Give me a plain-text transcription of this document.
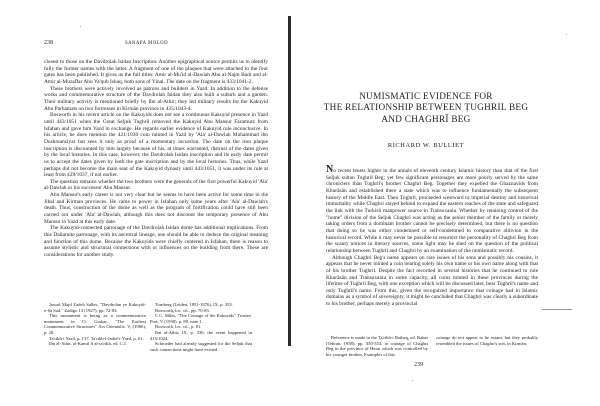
238	SARAFA MOLOD

closest to those on the Davdrolah Isidan Inscription. Another epigraphical source permits us to identify fully the former names with the latter. A fragment of one of the plaques that were attached to the four gates has been published. It gives us the full titles: Amir al-Mu'id al-Dawlah Abu al-Najm Badr and al-Amir al-Muzaffar Abu Ya'qub Ishaq, both sons of Yinal. The date on the fragment is 433/1041-2.

These brothers were actively involved as patrons and builders in Yazd. In addition to the defense works and commemorative structure of the Davdrolah Isidan they also built a suburb and a garden. Their military activity is mentioned briefly by Ibn al-Athir; they led military results for the Kakuyid Abu Parhamats on two fortresses in Kirmân province in 435/1043-4.

Bosworth in his recent article on the Kakuyids does not see a continuous Kakuyid presence in Yazd until 443/1051 when the Great Seljuk Tughril removed the Kakuyid Abu Mansur Faramurz from Isfahan and gave him Yazd in exchange. He regards earlier evidence of Kakuyid rule inconclusive. In his article, he does mention the 421/1030 coin minted in Yazd by 'Ala' al-Dawlah Muhammad ibn Dushmanziyar but sees it only as proof of a momentary incursion. The date on the iron plaque inscription is discounted by him largely because of his, at times warranted, distrust of the dates given by the local histories. In this case, however, the Davdrolah Isidan inscription and its early date permit us to accept the dates given by both the gate inscription and by the local histories. Thus, while Yazd perhaps did not become the main seat of the Kakuyid dynasty until 443/1051, it was under its rule at least from 429/1037, if not earlier.

The question remains whether the two brothers were the generals of the first powerful Kakuyid 'Ala' al-Dawlah or his successor Abu Mansur.

Abu Mansur's early career is not very clear but he seems to have been active for some time in the Jibal and Kirman provinces. He came to power in Isfahan only some years after 'Ala' al-Dawlah's death. Thus, construction of the dome as well as the program of fortification could have still been carried out under 'Ala' al-Dawlah, although this does not discount the temporary presence of Abu Mansur in Yazd at this early date.

The Kakuyid-connected patronage of the Davdrolah Isidan dome has additional implications. From this Dailamite patronage, with its ancestral lineage, one should be able to deduce the original meaning and function of this dome. Because the Kakuyids were chiefly centered in Isfahan, there is reason to assume stylistic and structural connections with or influences on the building from there. These are considerations for another study.

Jawad Majd Zadeh Salles, "Davdrolan ye Kakuyid-e-Sa Sad," Zadigo 13 (1927), pp. 72-83.

This monument is being as a commemorative monument in O. Grabar, "The Earliest Commemorative Structures" Ars Orientalis, V, (1966), p. 28.

Ta'rikh-i Yazd, p. 137. Ta'rikh-i-Jadid-i-Yazd, p. 61.

Ibn al-Athir, al-Kamil fi al-ta'rikh, ed. C.J.

Tornberg (Leiden, 1851-1876), IX, p. 355.

Bosworth, loc. cit., pp. 70-83.

C.C. Miles, "The Coinage of the Kakuyids" Trustee, Port, V (1938), p. 89, note 1.

Bosworth, loc. cit., p. 81.

Ibn al-Athir, IX, p. 330; the event happened in 415/1024.

Schroeder had already suggested for the Seljuk that such connections might have existed.

NUMISMATIC EVIDENCE FOR
THE RELATIONSHIP BETWEEN ṬUGHRIL BEG
AND CHAGHRĪ BEG
RICHARD W. BULLIET

No recent tenets higher in the annals of eleventh century Islamic history than that of the first Seljuk sultan Tughril Beg; yet few significant personages are more poorly served by the same chroniclers than Tughril's brother Chaghri Beg. Together they expelled the Ghaznavids from Khurâsân and established there a state which was to influence fundamentally the subsequent history of the Middle East. Then Tughril, proceeded westward to imperial destiny and historical immortality while Chaghri stayed behind to expand the eastern reaches of the state and safeguard the link with the Turkish manpower source in Transoxania. Whether by retaining control of the "home" division of the Seljuk Chaghri was acting as the senior member of the family or merely taking orders from a dominant brother cannot be precisely determined, but there is no question that doing so he was either condemned or self-condemned to comparative oblivion in the historical record. While it may never be possible to resurrect the personality of Chaghri Beg from the scanty notices in literary sources, some light may be shed on the question of the political relationship between Tughril and Chaghri by an examination of the numismatic record.

Although Chaghri Beg's name appears on rare issues of his sons and possibly his cousins, it appears that he never minted a coin bearing solely his own name or his own name along with that of his brother Tughril. Despite the fact recorded in several histories that he continued to rule Khurâsân and Transoxania in some capacity, all coins minted in these provinces during the lifetime of Tughril Beg, with one exception which will be discussed later, bear Tughril's name and only Tughril's name. From this, given the recognized importance that coinage had in Islamic domains as a symbol of sovereignty, it might be concluded that Chaghri was clearly a subordinate to his brother, perhaps merely a provincial

Reference is made in the Ta'rikh-i Baihaq, ed. Bahar (Tehran, 1938), pp. 350-354, to coinage of Chaghri Beg in the province of Herat which was controlled by his younger brother. Examples of this

coinage do not appear to be extant, but they probably resembled the issues of Chaghri's son, in Kirmân.

239
